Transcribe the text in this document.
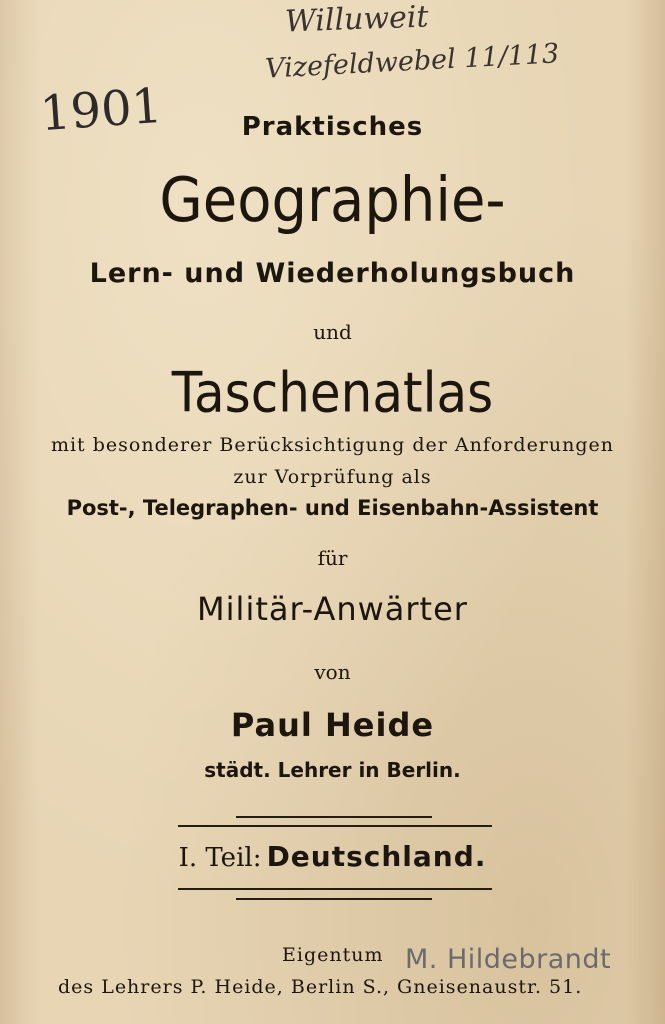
Willuweit
Vizefeldwebel 11/113
1901	Praktisches
Geographie-
Lern- und Wiederholungsbuch
und
Taschenatlas
mit besonderer Berücksichtigung der Anforderungen
zur Vorprüfung als
Post-, Telegraphen- und Eisenbahn-Assistent
für
Militär-Anwärter
von
Paul Heide
städt. Lehrer in Berlin.
I. Teil: Deutschland.
Eigentum
des Lehrers P. Heide, Berlin S., Gneisenaustr. 51.
M. Hildebrandt
